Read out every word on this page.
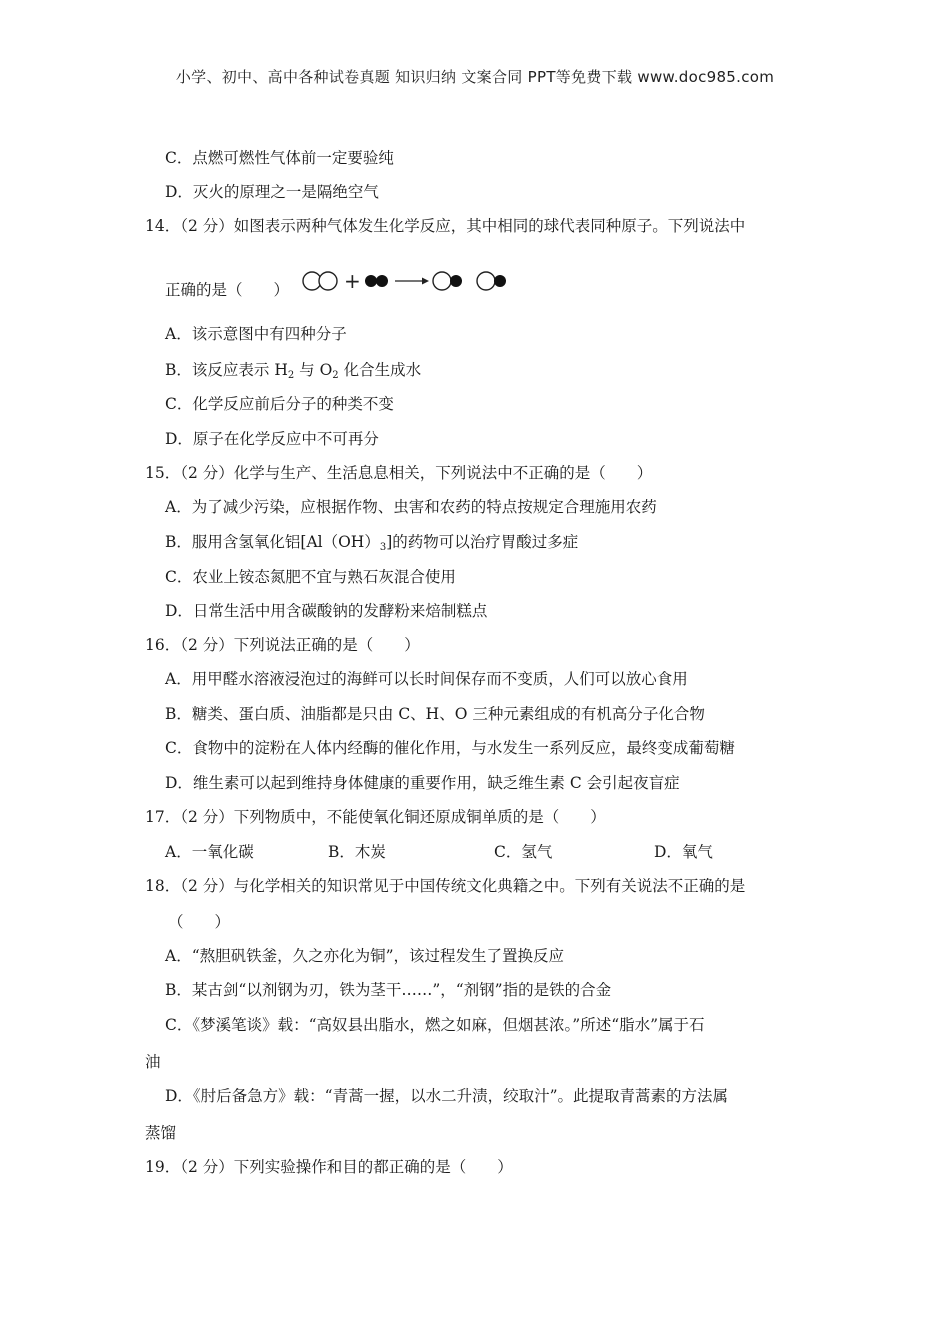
小学、初中、高中各种试卷真题 知识归纳 文案合同 PPT等免费下载 www.doc985.com
C．点燃可燃性气体前一定要验纯
D．灭火的原理之一是隔绝空气
14．（2 分）如图表示两种气体发生化学反应，其中相同的球代表同种原子。下列说法中
正确的是（　　）	+
A．该示意图中有四种分子
B．该反应表示 $H_2$ 与 $O_2$ 化合生成水
C．化学反应前后分子的种类不变
D．原子在化学反应中不可再分
15．（2 分）化学与生产、生活息息相关，下列说法中不正确的是（　　）
A．为了减少污染，应根据作物、虫害和农药的特点按规定合理施用农药
B．服用含氢氧化铝$[Al(OH)_3]$的药物可以治疗胃酸过多症
C．农业上铵态氮肥不宜与熟石灰混合使用
D．日常生活中用含碳酸钠的发酵粉来焙制糕点
16．（2 分）下列说法正确的是（　　）
A．用甲醛水溶液浸泡过的海鲜可以长时间保存而不变质，人们可以放心食用
B．糖类、蛋白质、油脂都是只由 C、H、O 三种元素组成的有机高分子化合物
C．食物中的淀粉在人体内经酶的催化作用，与水发生一系列反应，最终变成葡萄糖
D．维生素可以起到维持身体健康的重要作用，缺乏维生素 C 会引起夜盲症
17．（2 分）下列物质中，不能使氧化铜还原成铜单质的是（　　）
A．一氧化碳	B．木炭	C．氢气	D．氧气
18．（2 分）与化学相关的知识常见于中国传统文化典籍之中。下列有关说法不正确的是
（　　）
A．“熬胆矾铁釜，久之亦化为铜”，该过程发生了置换反应
B．某古剑“以剂钢为刃，铁为茎干……”，“剂钢”指的是铁的合金
C．《梦溪笔谈》载：“高奴县出脂水，燃之如麻，但烟甚浓。”所述“脂水”属于石
油
D．《肘后备急方》载：“青蒿一握，以水二升渍，绞取汁”。此提取青蒿素的方法属
蒸馏
19．（2 分）下列实验操作和目的都正确的是（　　）
